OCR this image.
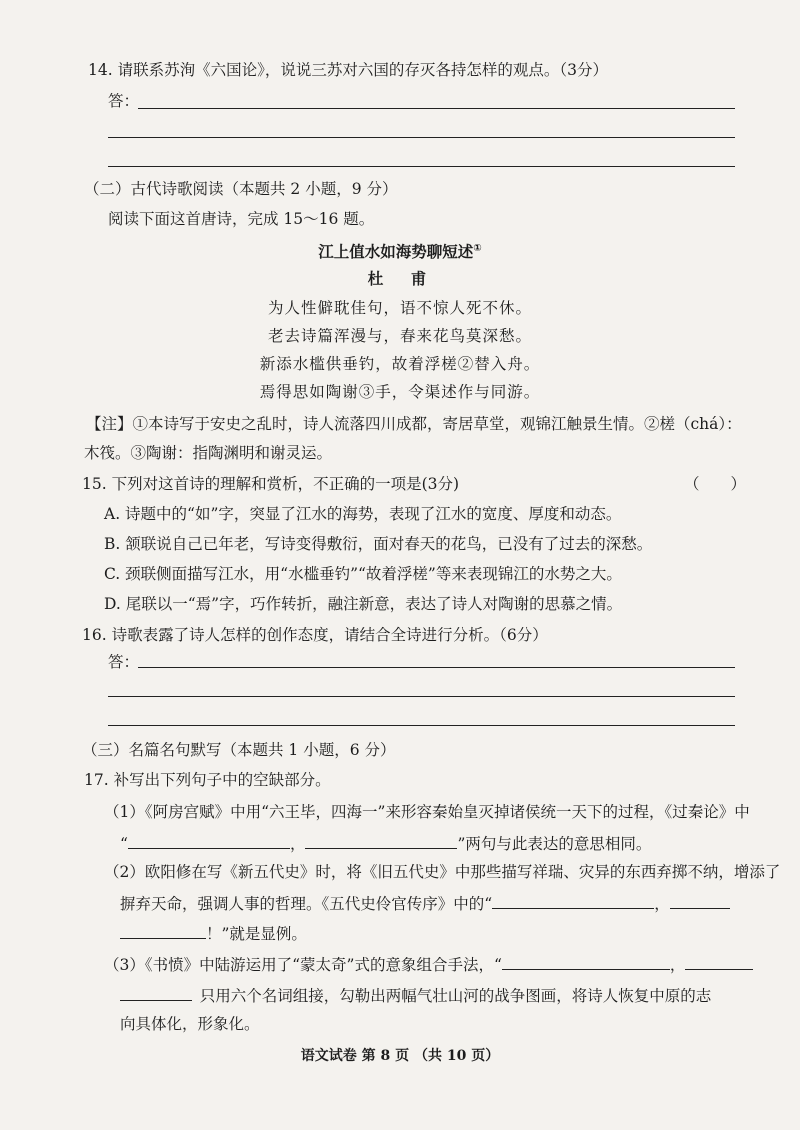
14. 请联系苏洵《六国论》，说说三苏对六国的存灭各持怎样的观点。（3分）
答：
（二）古代诗歌阅读（本题共 2 小题，9 分）
阅读下面这首唐诗，完成 15～16 题。
江上值水如海势聊短述①
杜　甫
为人性僻耽佳句，语不惊人死不休。
老去诗篇浑漫与，春来花鸟莫深愁。
新添水槛供垂钓，故着浮槎②替入舟。
焉得思如陶谢③手，令渠述作与同游。
【注】①本诗写于安史之乱时，诗人流落四川成都，寄居草堂，观锦江触景生情。②槎（chá）：
木筏。③陶谢：指陶渊明和谢灵运。
15. 下列对这首诗的理解和赏析，不正确的一项是(3分)	（　　）
A. 诗题中的“如”字，突显了江水的海势，表现了江水的宽度、厚度和动态。
B. 颔联说自己已年老，写诗变得敷衍，面对春天的花鸟，已没有了过去的深愁。
C. 颈联侧面描写江水，用“水槛垂钓”“故着浮槎”等来表现锦江的水势之大。
D. 尾联以一“焉”字，巧作转折，融注新意，表达了诗人对陶谢的思慕之情。
16. 诗歌表露了诗人怎样的创作态度，请结合全诗进行分析。（6分）
答：
（三）名篇名句默写（本题共 1 小题，6 分）
17. 补写出下列句子中的空缺部分。
（1）《阿房宫赋》中用“六王毕，四海一”来形容秦始皇灭掉诸侯统一天下的过程，《过秦论》中
“	，	”两句与此表达的意思相同。
（2）欧阳修在写《新五代史》时，将《旧五代史》中那些描写祥瑞、灾异的东西弃掷不纳，增添了
摒弃天命，强调人事的哲理。《五代史伶官传序》中的“	，
！”就是显例。
（3）《书愤》中陆游运用了“蒙太奇”式的意象组合手法，“	，
 只用六个名词组接，勾勒出两幅气壮山河的战争图画，将诗人恢复中原的志
向具体化，形象化。
语文试卷 第 8 页 （共 10 页）
